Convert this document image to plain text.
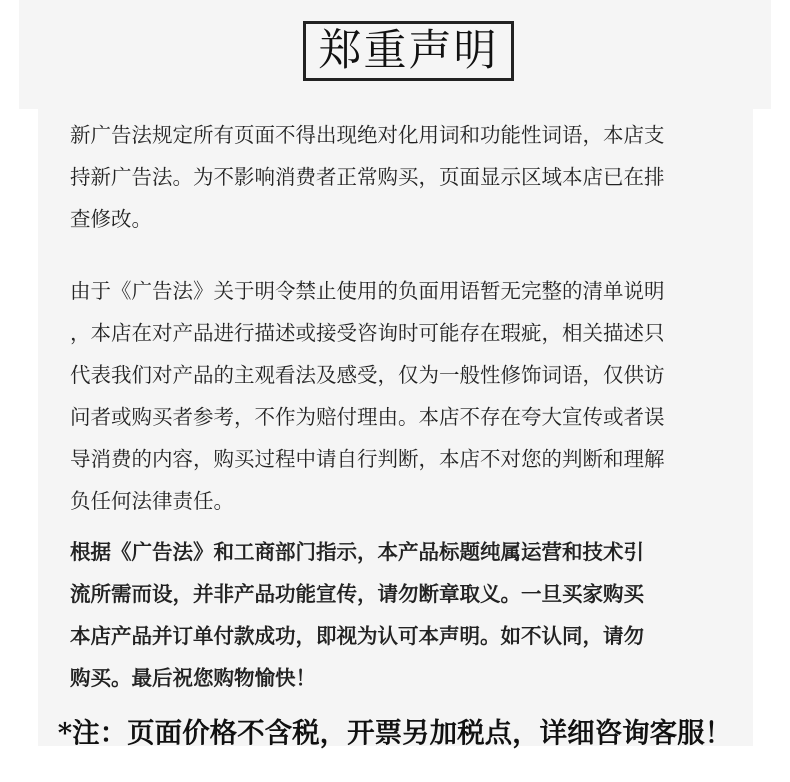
郑重声明

新广告法规定所有页面不得出现绝对化用词和功能性词语，本店支
持新广告法。为不影响消费者正常购买，页面显示区域本店已在排
查修改。

由于《广告法》关于明令禁止使用的负面用语暂无完整的清单说明
，本店在对产品进行描述或接受咨询时可能存在瑕疵，相关描述只
代表我们对产品的主观看法及感受，仅为一般性修饰词语，仅供访
问者或购买者参考，不作为赔付理由。本店不存在夸大宣传或者误
导消费的内容，购买过程中请自行判断，本店不对您的判断和理解
负任何法律责任。

根据《广告法》和工商部门指示，本产品标题纯属运营和技术引
流所需而设，并非产品功能宣传，请勿断章取义。一旦买家购买
本店产品并订单付款成功，即视为认可本声明。如不认同，请勿
购买。最后祝您购物愉快！

*注：页面价格不含税，开票另加税点，详细咨询客服！
